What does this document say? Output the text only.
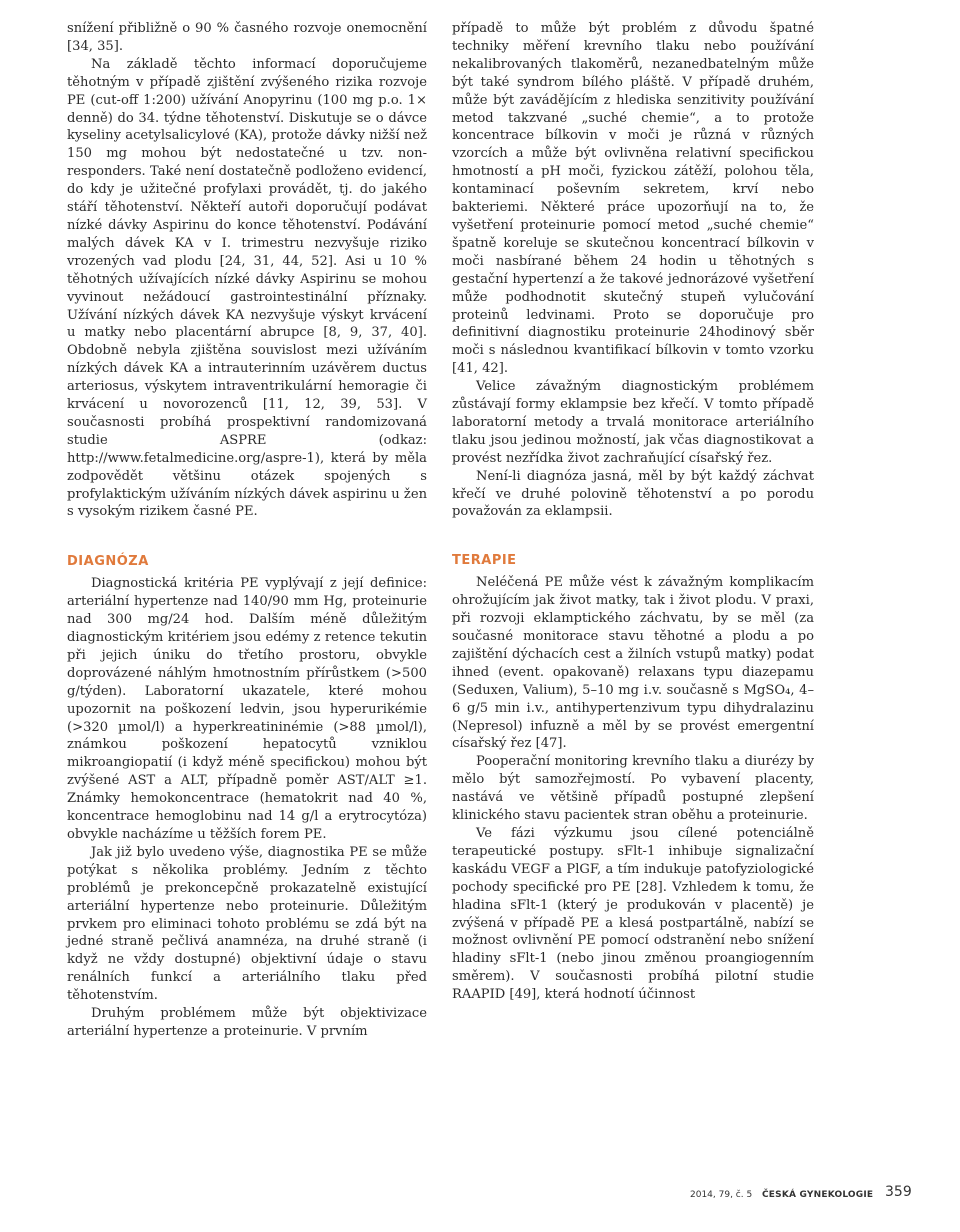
snížení přibližně o 90 % časného rozvoje onemocnění [34, 35].

Na základě těchto informací doporučujeme těhotným v případě zjištění zvýšeného rizika rozvoje PE (cut-off 1:200) užívání Anopyrinu (100 mg p.o. 1× denně) do 34. týdne těhotenství. Diskutuje se o dávce kyseliny acetylsalicylové (KA), protože dávky nižší než 150 mg mohou být nedostatečné u tzv. non-responders. Také není dostatečně podloženo evidencí, do kdy je užitečné profylaxi provádět, tj. do jakého stáří těhotenství. Někteří autoři doporučují podávat nízké dávky Aspirinu do konce těhotenství. Podávání malých dávek KA v I. trimestru nezvyšuje riziko vrozených vad plodu [24, 31, 44, 52]. Asi u 10 % těhotných užívajících nízké dávky Aspirinu se mohou vyvinout nežádoucí gastrointestinální příznaky. Užívání nízkých dávek KA nezvyšuje výskyt krvácení u matky nebo placentární abrupce [8, 9, 37, 40]. Obdobně nebyla zjištěna souvislost mezi užíváním nízkých dávek KA a intrauterinním uzávěrem ductus arteriosus, výskytem intraventrikulární hemoragie či krvácení u novorozenců [11, 12, 39, 53]. V současnosti probíhá prospektivní randomizovaná studie ASPRE (odkaz: http://www.fetalmedicine.org/aspre-1), která by měla zodpovědět většinu otázek spojených s profylaktickým užíváním nízkých dávek aspirinu u žen s vysokým rizikem časné PE.

DIAGNÓZA

Diagnostická kritéria PE vyplývají z její definice: arteriální hypertenze nad 140/90 mm Hg, proteinurie nad 300 mg/24 hod. Dalším méně důležitým diagnostickým kritériem jsou edémy z retence tekutin při jejich úniku do třetího prostoru, obvykle doprovázené náhlým hmotnostním přírůstkem (>500 g/týden). Laboratorní ukazatele, které mohou upozornit na poškození ledvin, jsou hyperurikémie (>320 µmol/l) a hyperkreatininémie (>88 µmol/l), známkou poškození hepatocytů vzniklou mikroangiopatií (i když méně specifickou) mohou být zvýšené AST a ALT, případně poměr AST/ALT ≥1. Známky hemokoncentrace (hematokrit nad 40 %, koncentrace hemoglobinu nad 14 g/l a erytrocytóza) obvykle nacházíme u těžších forem PE.

Jak již bylo uvedeno výše, diagnostika PE se může potýkat s několika problémy. Jedním z těchto problémů je prekoncepčně prokazatelně existující arteriální hypertenze nebo proteinurie. Důležitým prvkem pro eliminaci tohoto problému se zdá být na jedné straně pečlivá anamnéza, na druhé straně (i když ne vždy dostupné) objektivní údaje o stavu renálních funkcí a arteriálního tlaku před těhotenstvím.

Druhým problémem může být objektivizace arteriální hypertenze a proteinurie. V prvním

případě to může být problém z důvodu špatné techniky měření krevního tlaku nebo používání nekalibrovaných tlakoměrů, nezanedbatelným může být také syndrom bílého pláště. V případě druhém, může být zavádějícím z hlediska senzitivity používání metod takzvané „suché chemie“, a to protože koncentrace bílkovin v moči je různá v různých vzorcích a může být ovlivněna relativní specifickou hmotností a pH moči, fyzickou zátěží, polohou těla, kontaminací poševním sekretem, krví nebo bakteriemi. Některé práce upozorňují na to, že vyšetření proteinurie pomocí metod „suché chemie“ špatně koreluje se skutečnou koncentrací bílkovin v moči nasbírané během 24 hodin u těhotných s gestační hypertenzí a že takové jednorázové vyšetření může podhodnotit skutečný stupeň vylučování proteinů ledvinami. Proto se doporučuje pro definitivní diagnostiku proteinurie 24hodinový sběr moči s následnou kvantifikací bílkovin v tomto vzorku [41, 42].

Velice závažným diagnostickým problémem zůstávají formy eklampsie bez křečí. V tomto případě laboratorní metody a trvalá monitorace arteriálního tlaku jsou jedinou možností, jak včas diagnostikovat a provést nezřídka život zachraňující císařský řez.

Není-li diagnóza jasná, měl by být každý záchvat křečí ve druhé polovině těhotenství a po porodu považován za eklampsii.

TERAPIE

Neléčená PE může vést k závažným komplikacím ohrožujícím jak život matky, tak i život plodu. V praxi, při rozvoji eklamptického záchvatu, by se měl (za současné monitorace stavu těhotné a plodu a po zajištění dýchacích cest a žilních vstupů matky) podat ihned (event. opakovaně) relaxans typu diazepamu (Seduxen, Valium), 5–10 mg i.v. současně s MgSO₄, 4–6 g/5 min i.v., antihypertenzivum typu dihydralazinu (Nepresol) infuzně a měl by se provést emergentní císařský řez [47].

Pooperační monitoring krevního tlaku a diurézy by mělo být samozřejmostí. Po vybavení placenty, nastává ve většině případů postupné zlepšení klinického stavu pacientek stran oběhu a proteinurie.

Ve fázi výzkumu jsou cílené potenciálně terapeutické postupy. sFlt-1 inhibuje signalizační kaskádu VEGF a PlGF, a tím indukuje patofyziologické pochody specifické pro PE [28]. Vzhledem k tomu, že hladina sFlt-1 (který je produkován v placentě) je zvýšená v případě PE a klesá postpartálně, nabízí se možnost ovlivnění PE pomocí odstranění nebo snížení hladiny sFlt-1 (nebo jinou změnou proangiogenním směrem). V současnosti probíhá pilotní studie RAAPID [49], která hodnotí účinnost

2014, 79, č. 5 ČESKÁ GYNEKOLOGIE 359
